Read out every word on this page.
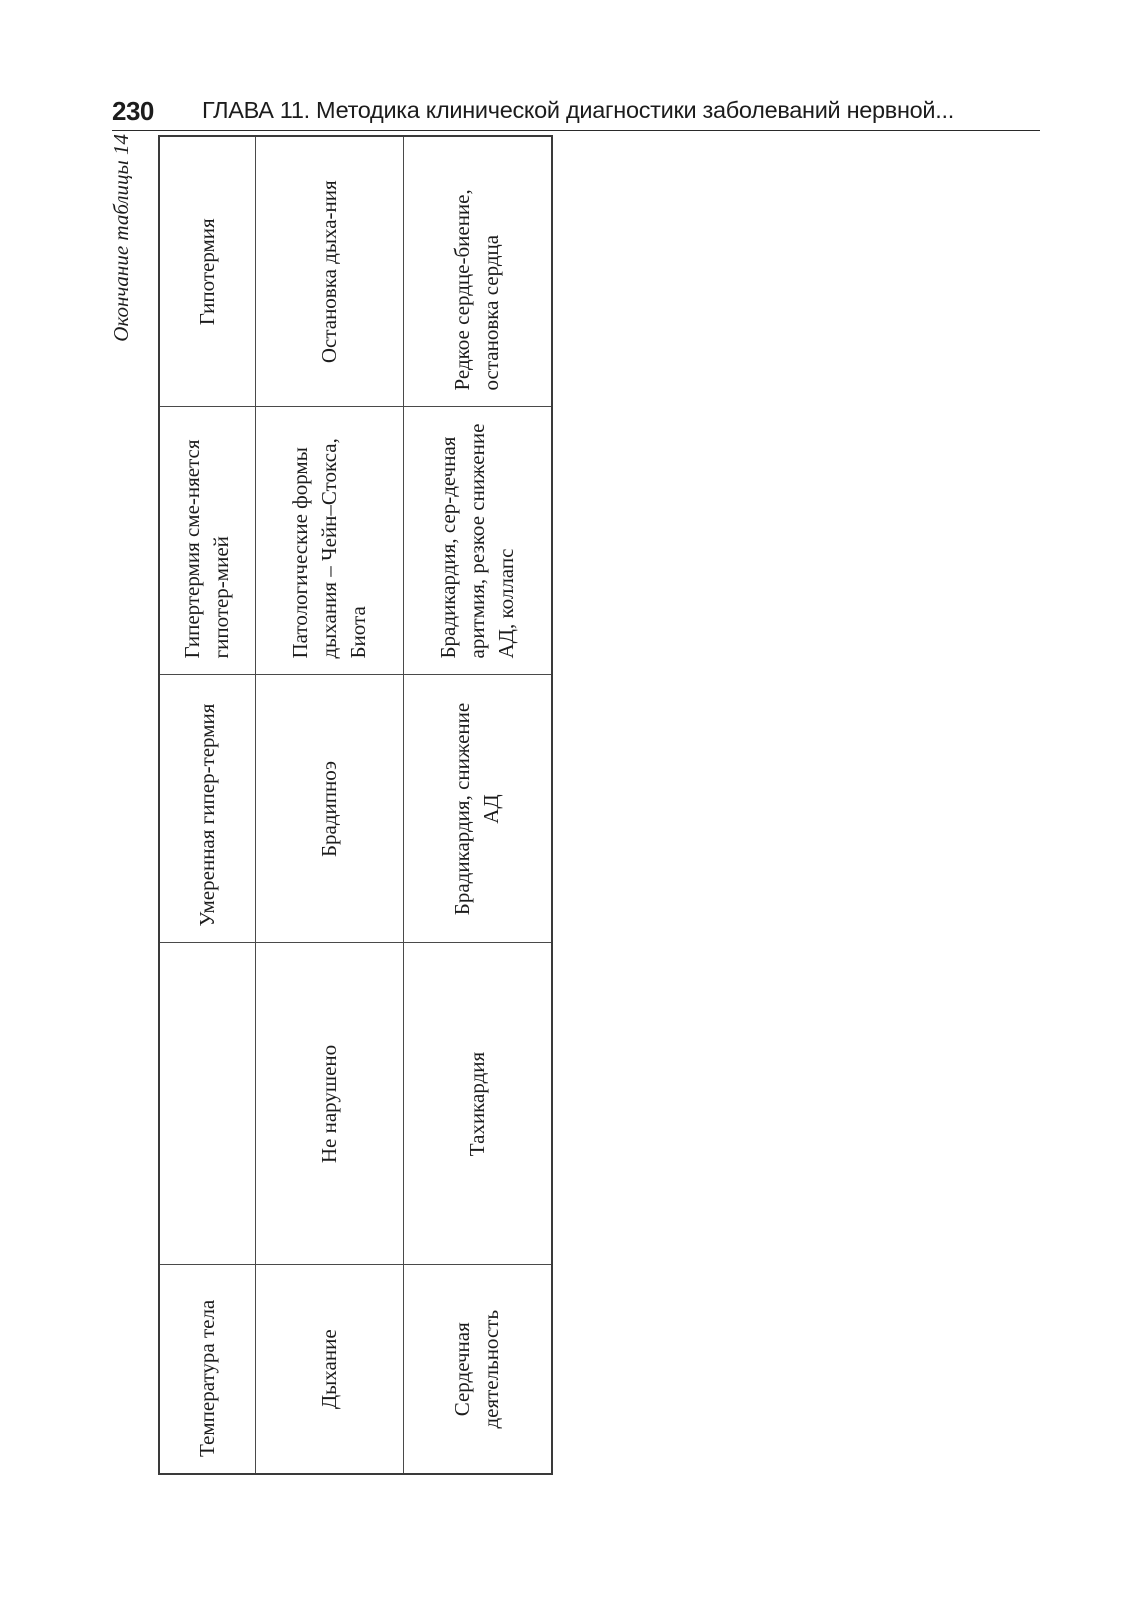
230 ГЛАВА 11. Методика клинической диагностики заболеваний нервной...
Окончание таблицы 14
Температура тела		Умеренная гипер-термия	Гипертермия сме-няется гипотер-мией	Гипотермия
Дыхание	Не нарушено	Брадипноэ	Патологические формы дыхания – Чейн–Стокса, Биота	Остановка дыха-ния
Сердечная деятельность	Тахикардия	Брадикардия, снижение АД	Брадикардия, сер-дечная аритмия, резкое снижение АД, коллапс	Редкое сердце-биение, остановка сердца
